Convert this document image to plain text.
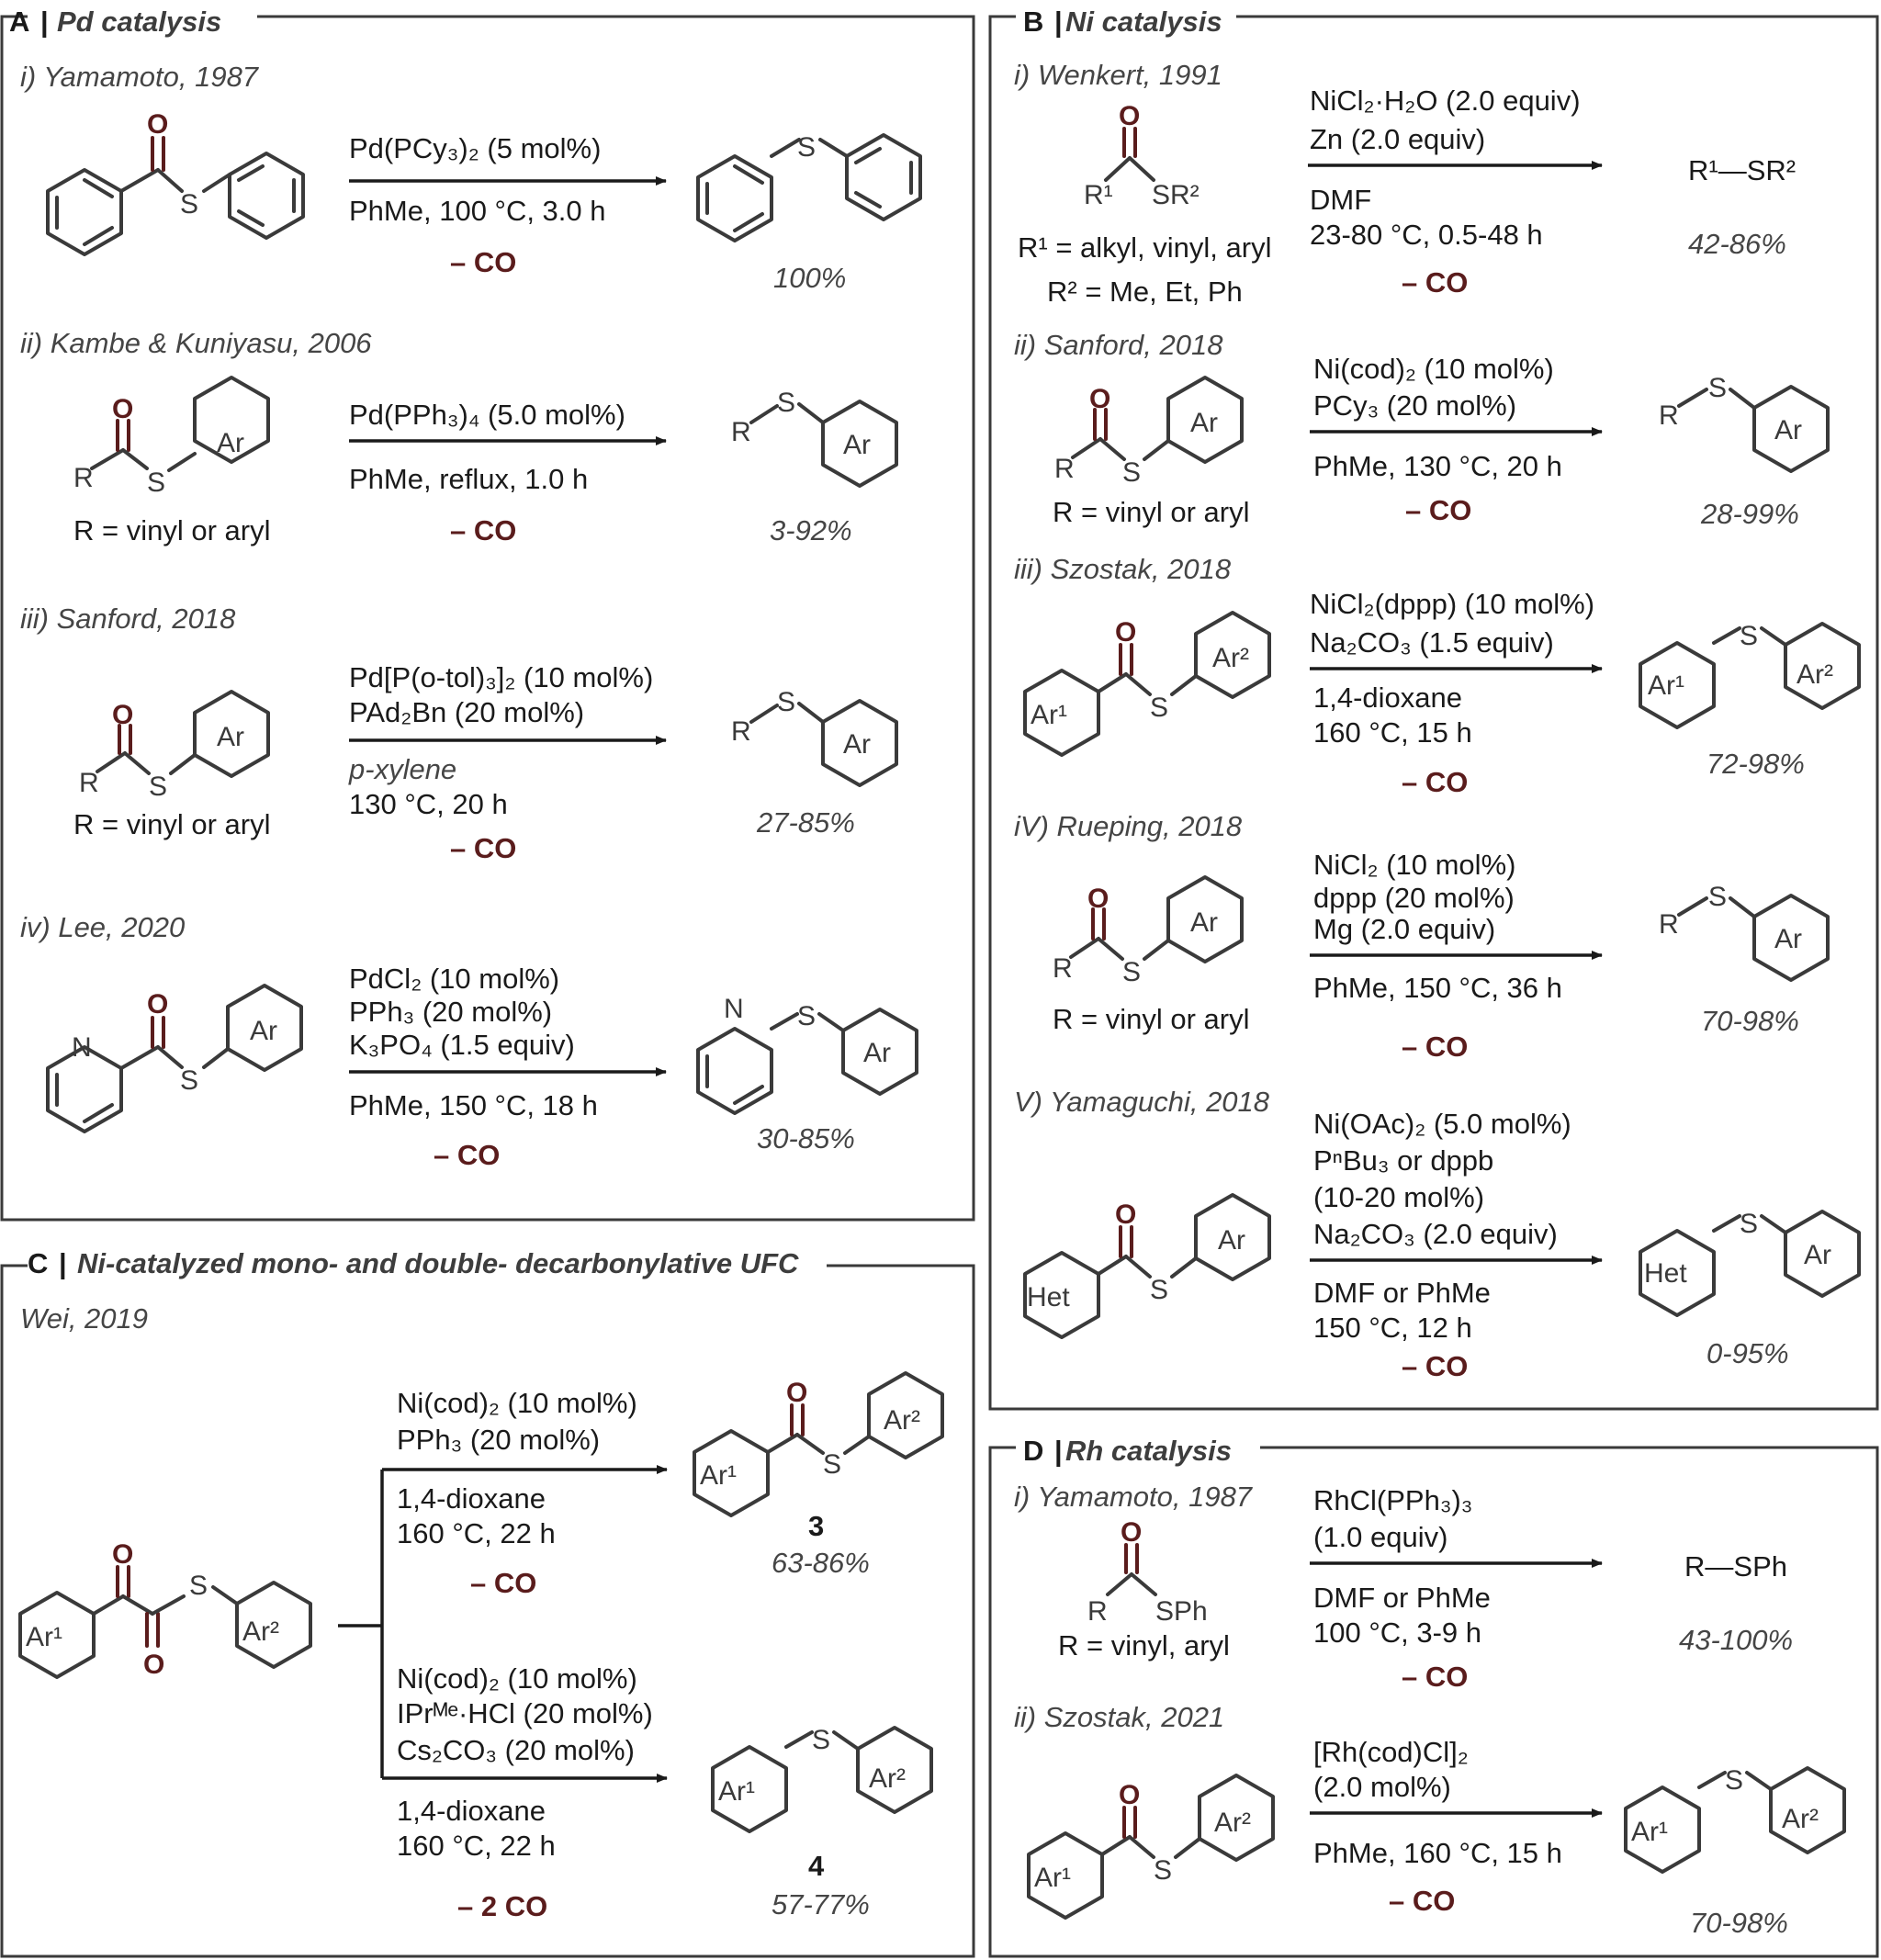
A | Pd catalysis
i) Yamamoto, 1987
O
S
Pd(PCy₃)₂ (5 mol%)
PhMe, 100 °C, 3.0 h
– CO
S
100%
ii) Kambe & Kuniyasu, 2006
R
O
S
Ar
R = vinyl or aryl
Pd(PPh₃)₄ (5.0 mol%)
PhMe, reflux, 1.0 h
– CO
R
S
Ar
3-92%
iii) Sanford, 2018
R
O
S
Ar
R = vinyl or aryl
Pd[P(o-tol)₃]₂ (10 mol%)
PAd₂Bn (20 mol%)
p-xylene
130 °C, 20 h
– CO
R
S
Ar
27-85%
iv) Lee, 2020
N
O
S
Ar
PdCl₂ (10 mol%)
PPh₃ (20 mol%)
K₃PO₄ (1.5 equiv)
PhMe, 150 °C, 18 h
– CO
N S
Ar
30-85%
B | Ni catalysis
i) Wenkert, 1991
O
R¹ SR²
R¹ = alkyl, vinyl, aryl
R² = Me, Et, Ph
NiCl₂·H₂O (2.0 equiv)
Zn (2.0 equiv)
DMF
23-80 °C, 0.5-48 h
– CO
R¹—SR²
42-86%
ii) Sanford, 2018
R
O
S
Ar
R = vinyl or aryl
Ni(cod)₂ (10 mol%)
PCy₃ (20 mol%)
PhMe, 130 °C, 20 h
– CO
R
S
Ar
28-99%
iii) Szostak, 2018
Ar¹
O
S
Ar²
NiCl₂(dppp) (10 mol%)
Na₂CO₃ (1.5 equiv)
1,4-dioxane
160 °C, 15 h
– CO
Ar¹
S
Ar²
72-98%
iV) Rueping, 2018
R
O
S
Ar
R = vinyl or aryl
NiCl₂ (10 mol%)
dppp (20 mol%)
Mg (2.0 equiv)
PhMe, 150 °C, 36 h
– CO
R
S
Ar
70-98%
V) Yamaguchi, 2018
Het
O
S
Ar
Ni(OAc)₂ (5.0 mol%)
PⁿBu₃ or dppb
(10-20 mol%)
Na₂CO₃ (2.0 equiv)
DMF or PhMe
150 °C, 12 h
– CO
Het
S
Ar
0-95%
C | Ni-catalyzed mono- and double- decarbonylative UFC
Wei, 2019
Ar¹
O
O
S
Ar²
Ni(cod)₂ (10 mol%)
PPh₃ (20 mol%)
1,4-dioxane
160 °C, 22 h
– CO
Ar¹
O
S
Ar²
3
63-86%
Ni(cod)₂ (10 mol%)
IPrᴹᵉ·HCl (20 mol%)
Cs₂CO₃ (20 mol%)
1,4-dioxane
160 °C, 22 h
– 2 CO
Ar¹
S
Ar²
4
57-77%
D | Rh catalysis
i) Yamamoto, 1987
O
R SPh
R = vinyl, aryl
RhCl(PPh₃)₃
(1.0 equiv)
DMF or PhMe
100 °C, 3-9 h
– CO
R—SPh
43-100%
ii) Szostak, 2021
Ar¹
O
S
Ar²
[Rh(cod)Cl]₂
(2.0 mol%)
PhMe, 160 °C, 15 h
– CO
Ar¹
S
Ar²
70-98%
